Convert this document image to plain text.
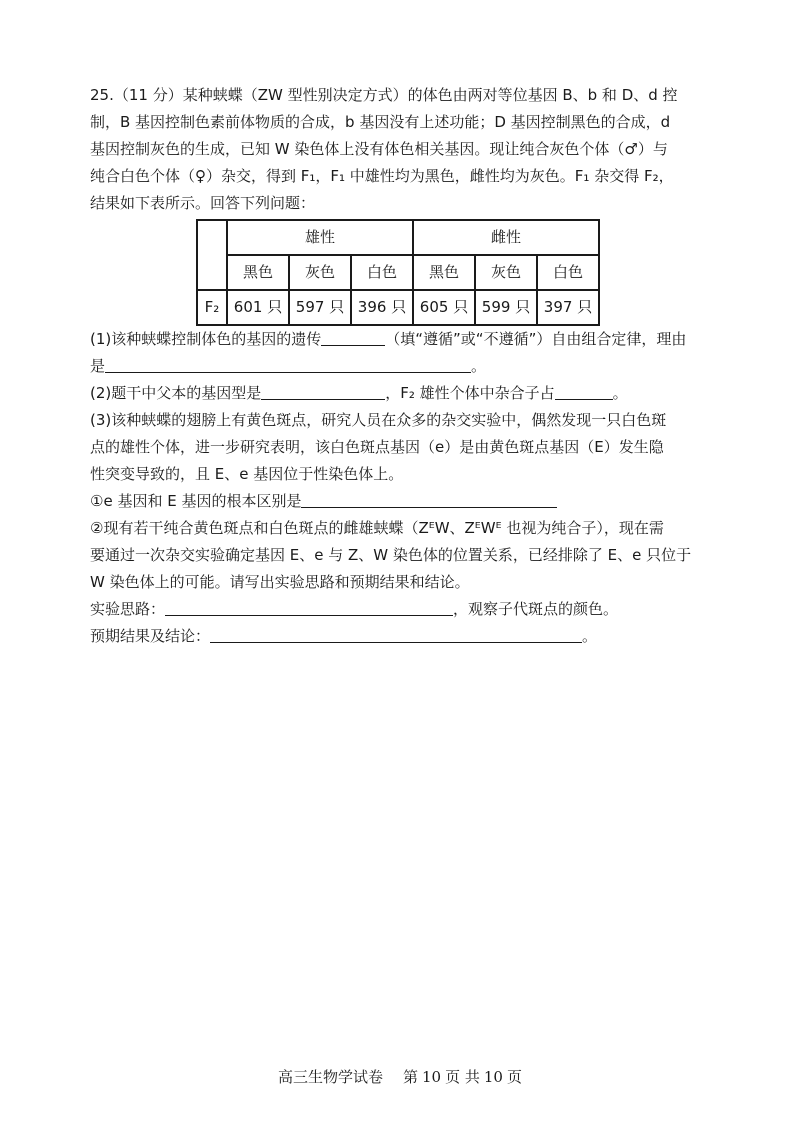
25.（11 分）某种蛱蝶（ZW 型性别决定方式）的体色由两对等位基因 B、b 和 D、d 控
制，B 基因控制色素前体物质的合成，b 基因没有上述功能；D 基因控制黑色的合成，d
基因控制灰色的生成，已知 W 染色体上没有体色相关基因。现让纯合灰色个体（♂）与
纯合白色个体（♀）杂交，得到 F₁，F₁ 中雄性均为黑色，雌性均为灰色。F₁ 杂交得 F₂，
结果如下表所示。回答下列问题：

	雄性			雌性		
	黑色	灰色	白色	黑色	灰色	白色
F₂	601 只	597 只	396 只	605 只	599 只	397 只

(1)该种蛱蝶控制体色的基因的遗传	（填“遵循”或“不遵循”）自由组合定律，理由
是	。

(2)题干中父本的基因型是	，F₂ 雄性个体中杂合子占	。

(3)该种蛱蝶的翅膀上有黄色斑点，研究人员在众多的杂交实验中，偶然发现一只白色斑
点的雄性个体，进一步研究表明，该白色斑点基因（e）是由黄色斑点基因（E）发生隐
性突变导致的，且 E、e 基因位于性染色体上。
①e 基因和 E 基因的根本区别是
②现有若干纯合黄色斑点和白色斑点的雌雄蛱蝶（ZᴱW、ZᴱWᴱ 也视为纯合子），现在需
要通过一次杂交实验确定基因 E、e 与 Z、W 染色体的位置关系，已经排除了 E、e 只位于
W 染色体上的可能。请写出实验思路和预期结果和结论。
实验思路：	，观察子代斑点的颜色。
预期结果及结论：	。

高三生物学试卷 第 10 页 共 10 页
